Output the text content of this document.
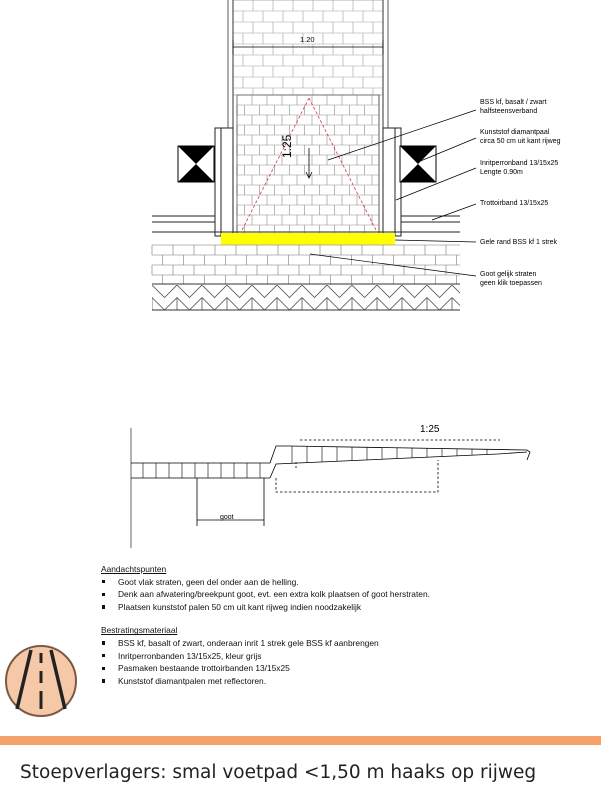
1.20
1:25
BSS kf, basalt / zwart
halfsteensverband
Kunststof diamantpaal
circa 50 cm uit kant rijweg
Inritperronband 13/15x25
Lengte 0.90m
Trottoirband 13/15x25
Gele rand BSS kf 1 strek
Goot gelijk straten
geen klik toepassen
1:25
goot
Aandachtspunten
Goot vlak straten, geen del onder aan de helling.
Denk aan afwatering/breekpunt goot, evt. een extra kolk plaatsen of goot herstraten.
Plaatsen kunststof palen 50 cm uit kant rijweg indien noodzakelijk
Bestratingsmateriaal
BSS kf, basalt of zwart, onderaan inrit 1 strek gele BSS kf aanbrengen
Inritperronbanden 13/15x25, kleur grijs
Pasmaken bestaande trottoirbanden 13/15x25
Kunststof diamantpalen met reflectoren.
Stoepverlagers: smal voetpad <1,50 m haaks op rijweg
